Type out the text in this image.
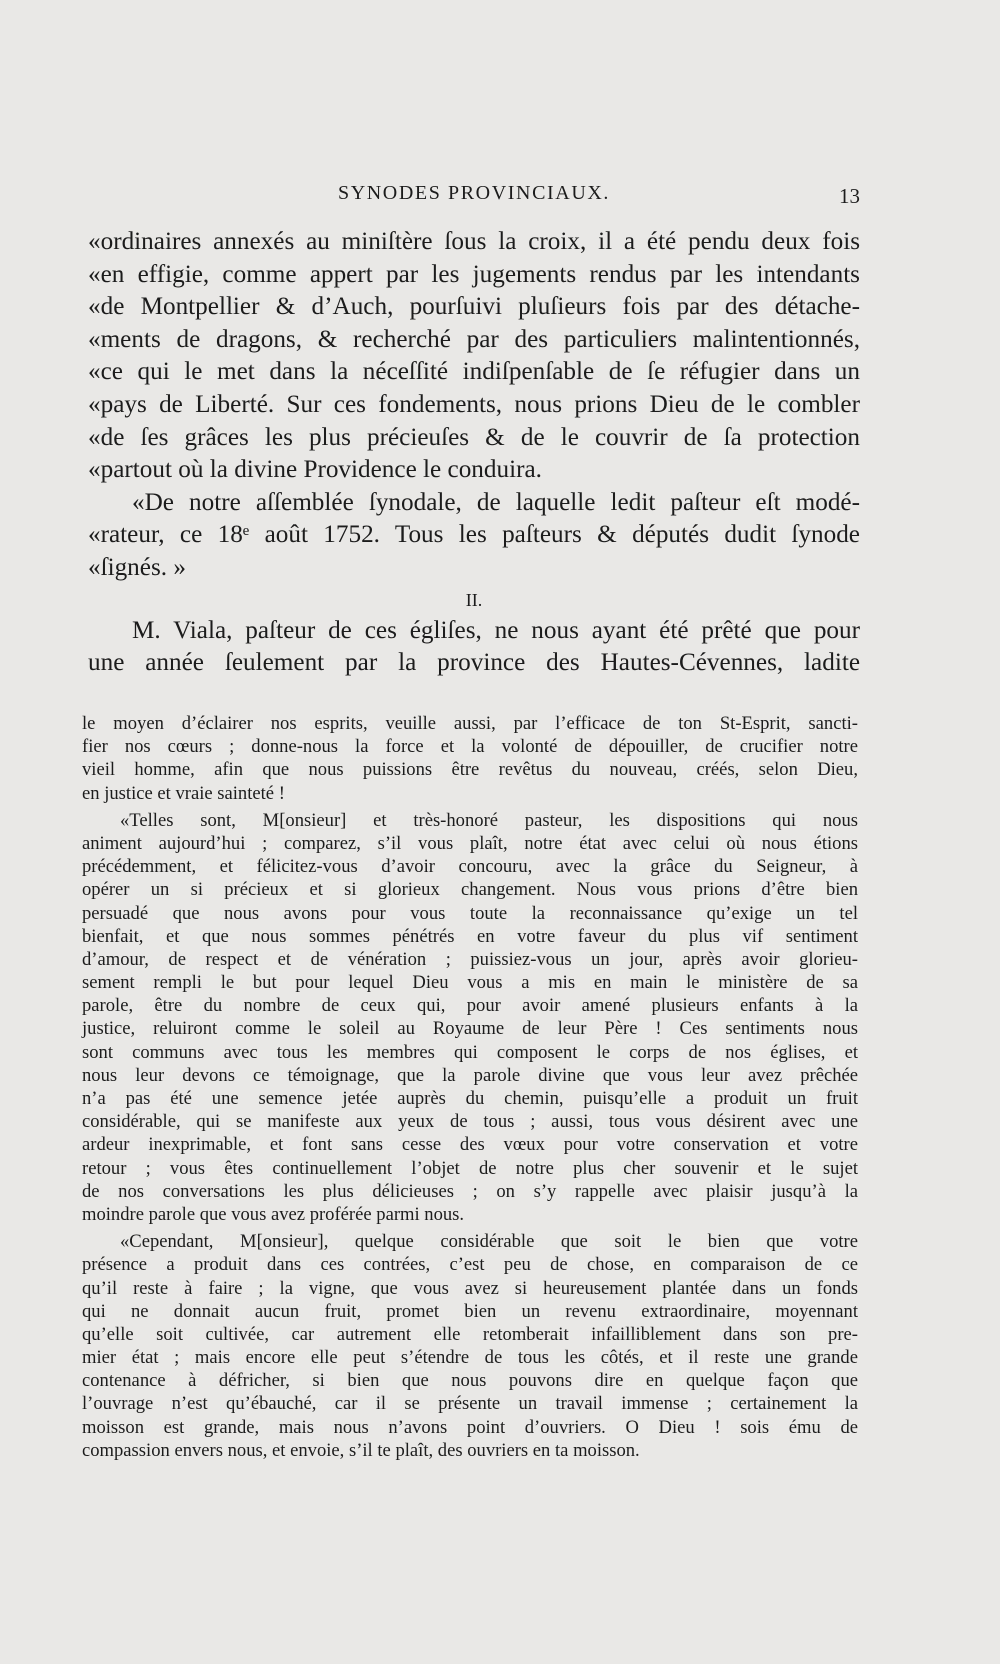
SYNODES PROVINCIAUX.	13
«ordinaires annexés au miniſtère ſous la croix, il a été pendu deux fois
«en effigie, comme appert par les jugements rendus par les intendants
«de Montpellier & d’Auch, pourſuivi pluſieurs fois par des détache-
«ments de dragons, & recherché par des particuliers malintentionnés,
«ce qui le met dans la néceſſité indiſpenſable de ſe réfugier dans un
«pays de Liberté. Sur ces fondements, nous prions Dieu de le combler
«de ſes grâces les plus précieuſes & de le couvrir de ſa protection
«partout où la divine Providence le conduira.
«De notre aſſemblée ſynodale, de laquelle ledit paſteur eſt modé-
«rateur, ce 18ᵉ août 1752. Tous les paſteurs & députés dudit ſynode
«ſignés. »
II.
M. Viala, paſteur de ces égliſes, ne nous ayant été prêté que pour
une année ſeulement par la province des Hautes-Cévennes, ladite
le moyen d’éclairer nos esprits, veuille aussi, par l’efficace de ton St-Esprit, sancti-
fier nos cœurs ; donne-nous la force et la volonté de dépouiller, de crucifier notre
vieil homme, afin que nous puissions être revêtus du nouveau, créés, selon Dieu,
en justice et vraie sainteté !
«Telles sont, M[onsieur] et très-honoré pasteur, les dispositions qui nous
animent aujourd’hui ; comparez, s’il vous plaît, notre état avec celui où nous étions
précédemment, et félicitez-vous d’avoir concouru, avec la grâce du Seigneur, à
opérer un si précieux et si glorieux changement. Nous vous prions d’être bien
persuadé que nous avons pour vous toute la reconnaissance qu’exige un tel
bienfait, et que nous sommes pénétrés en votre faveur du plus vif sentiment
d’amour, de respect et de vénération ; puissiez-vous un jour, après avoir glorieu-
sement rempli le but pour lequel Dieu vous a mis en main le ministère de sa
parole, être du nombre de ceux qui, pour avoir amené plusieurs enfants à la
justice, reluiront comme le soleil au Royaume de leur Père ! Ces sentiments nous
sont communs avec tous les membres qui composent le corps de nos églises, et
nous leur devons ce témoignage, que la parole divine que vous leur avez prêchée
n’a pas été une semence jetée auprès du chemin, puisqu’elle a produit un fruit
considérable, qui se manifeste aux yeux de tous ; aussi, tous vous désirent avec une
ardeur inexprimable, et font sans cesse des vœux pour votre conservation et votre
retour ; vous êtes continuellement l’objet de notre plus cher souvenir et le sujet
de nos conversations les plus délicieuses ; on s’y rappelle avec plaisir jusqu’à la
moindre parole que vous avez proférée parmi nous.
«Cependant, M[onsieur], quelque considérable que soit le bien que votre
présence a produit dans ces contrées, c’est peu de chose, en comparaison de ce
qu’il reste à faire ; la vigne, que vous avez si heureusement plantée dans un fonds
qui ne donnait aucun fruit, promet bien un revenu extraordinaire, moyennant
qu’elle soit cultivée, car autrement elle retomberait infailliblement dans son pre-
mier état ; mais encore elle peut s’étendre de tous les côtés, et il reste une grande
contenance à défricher, si bien que nous pouvons dire en quelque façon que
l’ouvrage n’est qu’ébauché, car il se présente un travail immense ; certainement la
moisson est grande, mais nous n’avons point d’ouvriers. O Dieu ! sois ému de
compassion envers nous, et envoie, s’il te plaît, des ouvriers en ta moisson.
